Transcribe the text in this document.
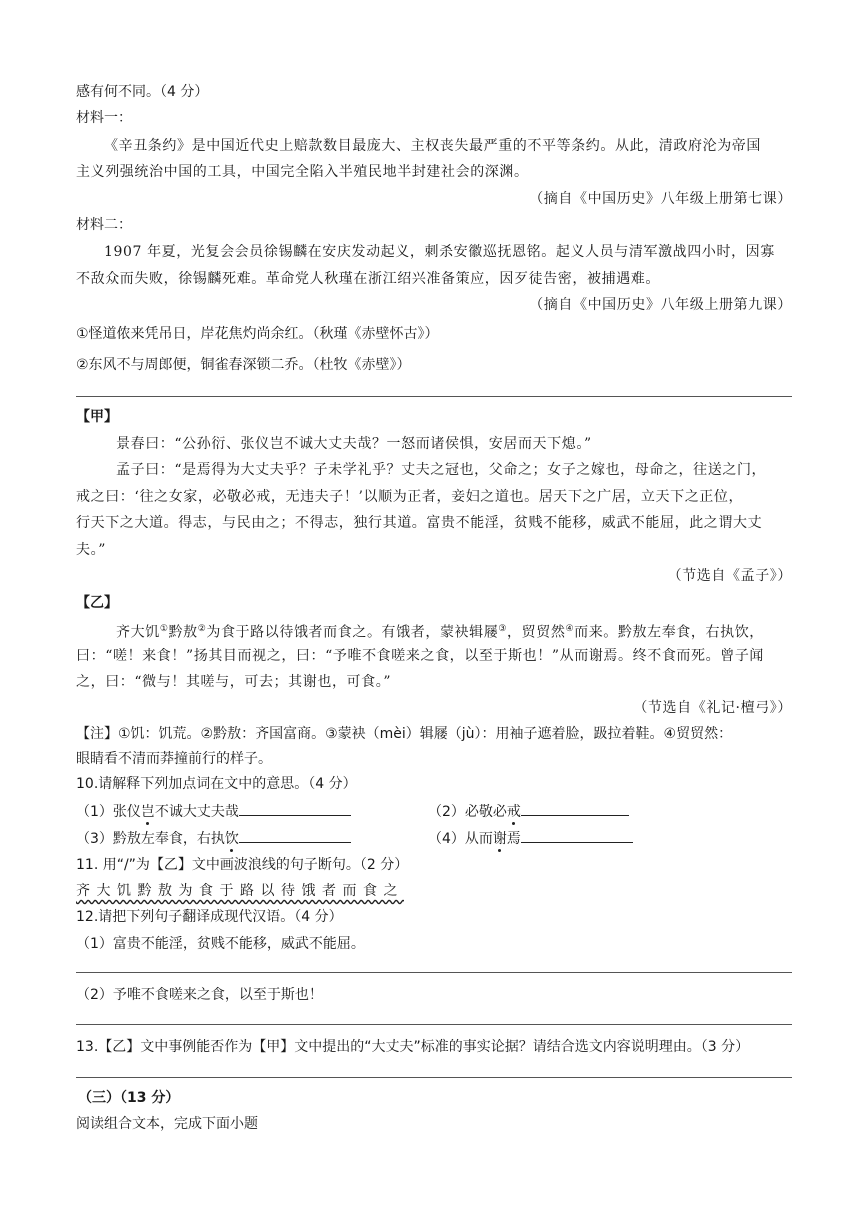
感有何不同。（4 分）
材料一：
《辛丑条约》是中国近代史上赔款数目最庞大、主权丧失最严重的不平等条约。从此，清政府沦为帝国
主义列强统治中国的工具，中国完全陷入半殖民地半封建社会的深渊。
（摘自《中国历史》八年级上册第七课）
材料二：
1907 年夏，光复会会员徐锡麟在安庆发动起义，刺杀安徽巡抚恩铭。起义人员与清军激战四小时，因寡
不敌众而失败，徐锡麟死难。革命党人秋瑾在浙江绍兴准备策应，因歹徒告密，被捕遇难。
（摘自《中国历史》八年级上册第九课）
①怪道侬来凭吊日，岸花焦灼尚余红。（秋瑾《赤壁怀古》）
②东风不与周郎便，铜雀春深锁二乔。（杜牧《赤壁》）
【甲】
景春曰：“公孙衍、张仪岂不诚大丈夫哉？一怒而诸侯惧，安居而天下熄。”
孟子曰：“是焉得为大丈夫乎？子未学礼乎？丈夫之冠也，父命之；女子之嫁也，母命之，往送之门，
戒之曰：‘往之女家，必敬必戒，无违夫子！’以顺为正者，妾妇之道也。居天下之广居，立天下之正位，
行天下之大道。得志，与民由之；不得志，独行其道。富贵不能淫，贫贱不能移，威武不能屈，此之谓大丈
夫。”
（节选自《孟子》）
【乙】
齐大饥①黔敖②为食于路以待饿者而食之。有饿者，蒙袂辑屦③，贸贸然④而来。黔敖左奉食，右执饮，
曰：“嗟！来食！”扬其目而视之，曰：“予唯不食嗟来之食，以至于斯也！”从而谢焉。终不食而死。曾子闻
之，曰：“微与！其嗟与，可去；其谢也，可食。”
（节选自《礼记·檀弓》）
【注】①饥：饥荒。②黔敖：齐国富商。③蒙袂（mèi）辑屦（jù）：用袖子遮着脸，趿拉着鞋。④贸贸然：
眼睛看不清而莽撞前行的样子。
10.请解释下列加点词在文中的意思。（4 分）
（1）张仪岂不诚大丈夫哉	（2）必敬必戒
（3）黔敖左奉食，右执饮	（4）从而谢焉
11. 用“/”为【乙】文中画波浪线的句子断句。（2 分）
齐大饥黔敖为食于路以待饿者而食之
12.请把下列句子翻译成现代汉语。（4 分）
（1）富贵不能淫，贫贱不能移，威武不能屈。
（2）予唯不食嗟来之食，以至于斯也！
13.【乙】文中事例能否作为【甲】文中提出的“大丈夫”标准的事实论据？请结合选文内容说明理由。（3 分）
（三）（13 分）
阅读组合文本，完成下面小题
